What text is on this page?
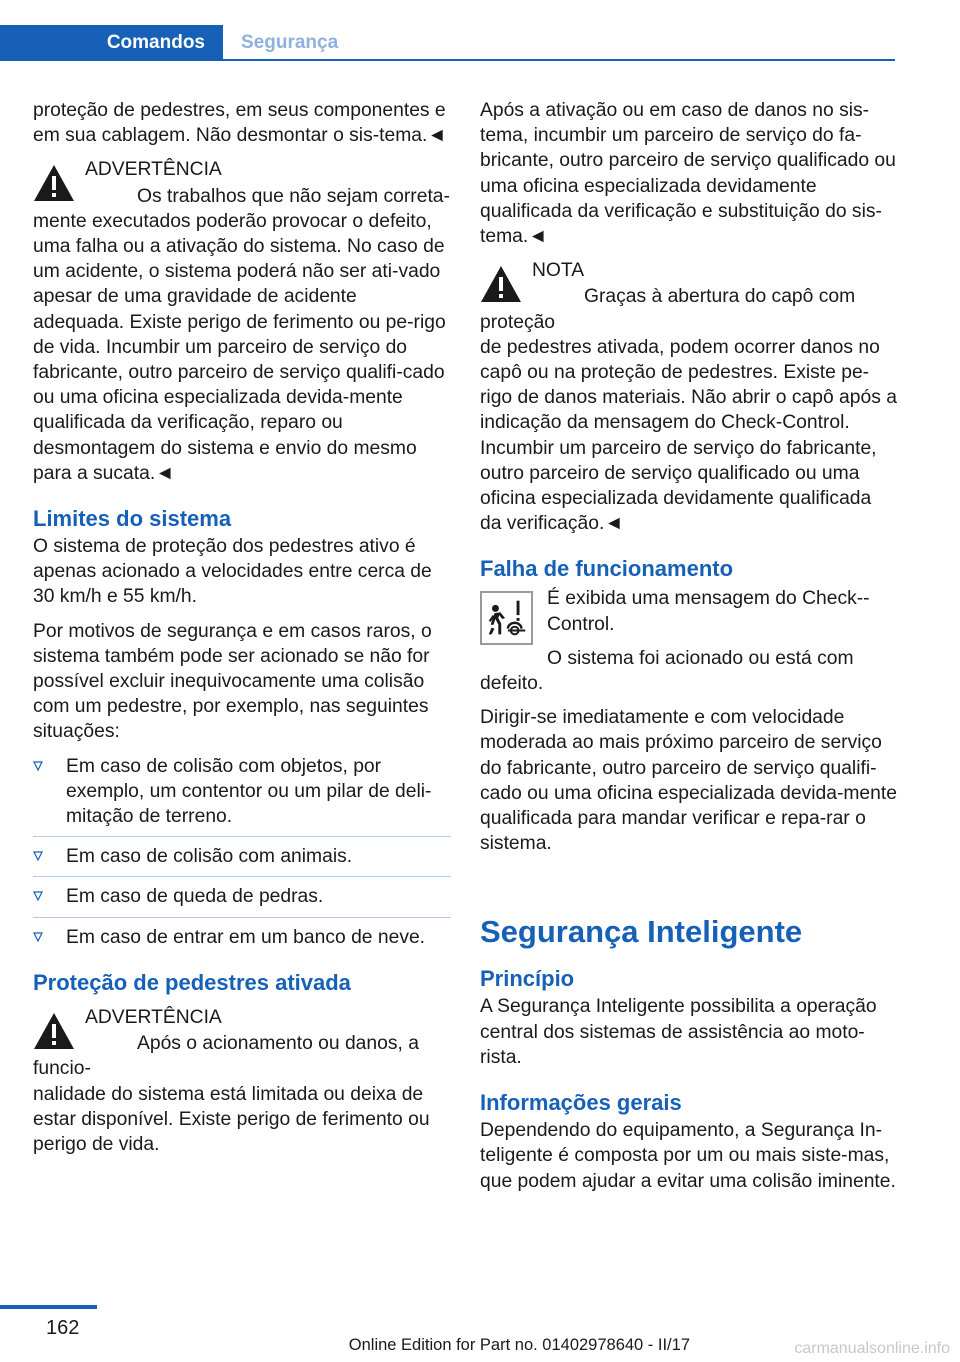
Comandos Segurança

proteção de pedestres, em seus componentes e em sua cablagem. Não desmontar o sis-tema.◄

ADVERTÊNCIA
Os trabalhos que não sejam correta-
mente executados poderão provocar o defeito, uma falha ou a ativação do sistema. No caso de um acidente, o sistema poderá não ser ati-vado apesar de uma gravidade de acidente adequada. Existe perigo de ferimento ou pe-rigo de vida. Incumbir um parceiro de serviço do fabricante, outro parceiro de serviço qualifi-cado ou uma oficina especializada devida-mente qualificada da verificação, reparo ou desmontagem do sistema e envio do mesmo para a sucata.◄
Limites do sistema

O sistema de proteção dos pedestres ativo é apenas acionado a velocidades entre cerca de 30 km/h e 55 km/h.

Por motivos de segurança e em casos raros, o sistema também pode ser acionado se não for possível excluir inequivocamente uma colisão com um pedestre, por exemplo, nas seguintes situações:

Em caso de colisão com objetos, por exemplo, um contentor ou um pilar de deli-mitação de terreno.
Em caso de colisão com animais.
Em caso de queda de pedras.
Em caso de entrar em um banco de neve.
Proteção de pedestres ativada
ADVERTÊNCIA
Após o acionamento ou danos, a funcio-
nalidade do sistema está limitada ou deixa de estar disponível. Existe perigo de ferimento ou perigo de vida.

Após a ativação ou em caso de danos no sis-tema, incumbir um parceiro de serviço do fa-bricante, outro parceiro de serviço qualificado ou uma oficina especializada devidamente qualificada da verificação e substituição do sis-tema.◄

NOTA
Graças à abertura do capô com proteção
de pedestres ativada, podem ocorrer danos no capô ou na proteção de pedestres. Existe pe-rigo de danos materiais. Não abrir o capô após a indicação da mensagem do Check-Control. Incumbir um parceiro de serviço do fabricante, outro parceiro de serviço qualificado ou uma oficina especializada devidamente qualificada da verificação.◄
Falha de funcionamento

É exibida uma mensagem do Check--Control.

O sistema foi acionado ou está com defeito.

Dirigir-se imediatamente e com velocidade moderada ao mais próximo parceiro de serviço do fabricante, outro parceiro de serviço qualifi-cado ou uma oficina especializada devida-mente qualificada para mandar verificar e repa-rar o sistema.

Segurança Inteligente
Princípio

A Segurança Inteligente possibilita a operação central dos sistemas de assistência ao moto-rista.

Informações gerais

Dependendo do equipamento, a Segurança In-teligente é composta por um ou mais siste-mas, que podem ajudar a evitar uma colisão iminente.

162
Online Edition for Part no. 01402978640 - II/17	carmanualsonline.info
